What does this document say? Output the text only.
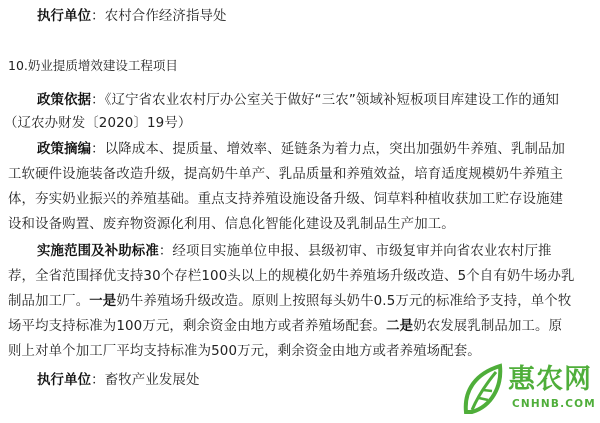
执行单位：农村合作经济指导处
10.奶业提质增效建设工程项目
政策依据：《辽宁省农业农村厅办公室关于做好“三农”领域补短板项目库建设工作的通知
（辽农办财发〔2020〕19号）
政策摘编：以降成本、提质量、增效率、延链条为着力点，突出加强奶牛养殖、乳制品加
工软硬件设施装备改造升级，提高奶牛单产、乳品质量和养殖效益，培育适度规模奶牛养殖主
体，夯实奶业振兴的养殖基础。重点支持养殖设施设备升级、饲草料种植收获加工贮存设施建
设和设备购置、废弃物资源化利用、信息化智能化建设及乳制品生产加工。
实施范围及补助标准：经项目实施单位申报、县级初审、市级复审并向省农业农村厅推
荐，全省范围择优支持30个存栏100头以上的规模化奶牛养殖场升级改造、5个自有奶牛场办乳
制品加工厂。一是奶牛养殖场升级改造。原则上按照每头奶牛0.5万元的标准给予支持，单个牧
场平均支持标准为100万元，剩余资金由地方或者养殖场配套。二是奶农发展乳制品加工。原
则上对单个加工厂平均支持标准为500万元，剩余资金由地方或者养殖场配套。
执行单位：畜牧产业发展处	惠农网
CNHNB.COM
